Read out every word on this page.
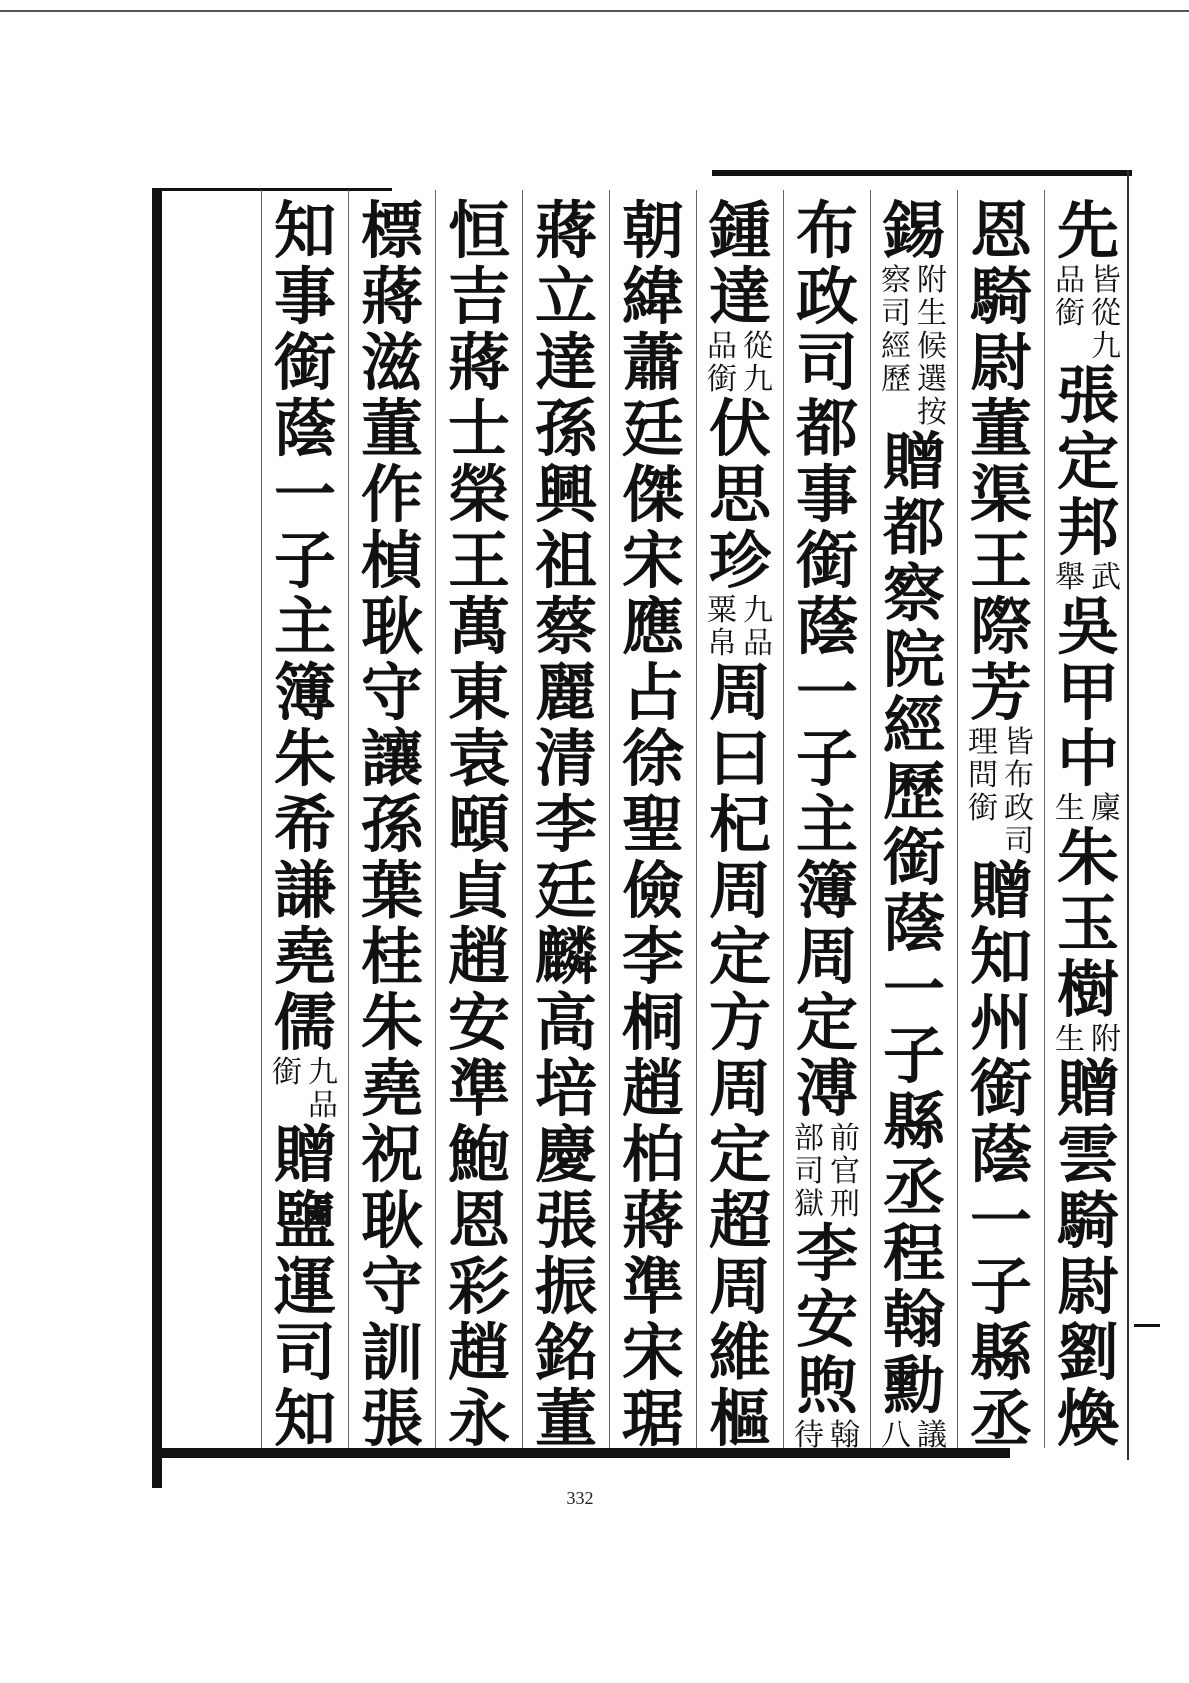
先
皆
從
九
品
銜
張
定
邦
武
舉
吳
甲
中
廩
生
朱
玉
樹
附
生
贈
雲
騎
尉
劉
煥
恩
騎
尉
董
渠
王
際
芳
皆
布
政
司
理
問
銜
贈
知
州
銜
蔭
一
子
縣
丞
錫
附
生
候
選
按
察
司
經
歷
贈
都
察
院
經
歷
銜
蔭
一
子
縣
丞
程
翰
勳
議
八
布
政
司
都
事
銜
蔭
一
子
主
簿
周
定
溥
前
官
刑
部
司
獄
李
安
煦
翰
待
鍾
達
從
九
品
銜
伏
思
珍
九
品
粟
帛
周
曰
杞
周
定
方
周
定
超
周
維
樞
朝
緯
蕭
廷
傑
宋
應
占
徐
聖
儉
李
桐
趙
柏
蔣
準
宋
琚
蔣
立
達
孫
興
祖
蔡
麗
清
李
廷
麟
高
培
慶
張
振
銘
董
恒
吉
蔣
士
榮
王
萬
東
袁
頤
貞
趙
安
準
鮑
恩
彩
趙
永
標
蔣
滋
董
作
楨
耿
守
讓
孫
葉
桂
朱
堯
祝
耿
守
訓
張
知
事
銜
蔭
一
子
主
簿
朱
希
謙
堯
儒
九
品
銜
贈
鹽
運
司
知
332
